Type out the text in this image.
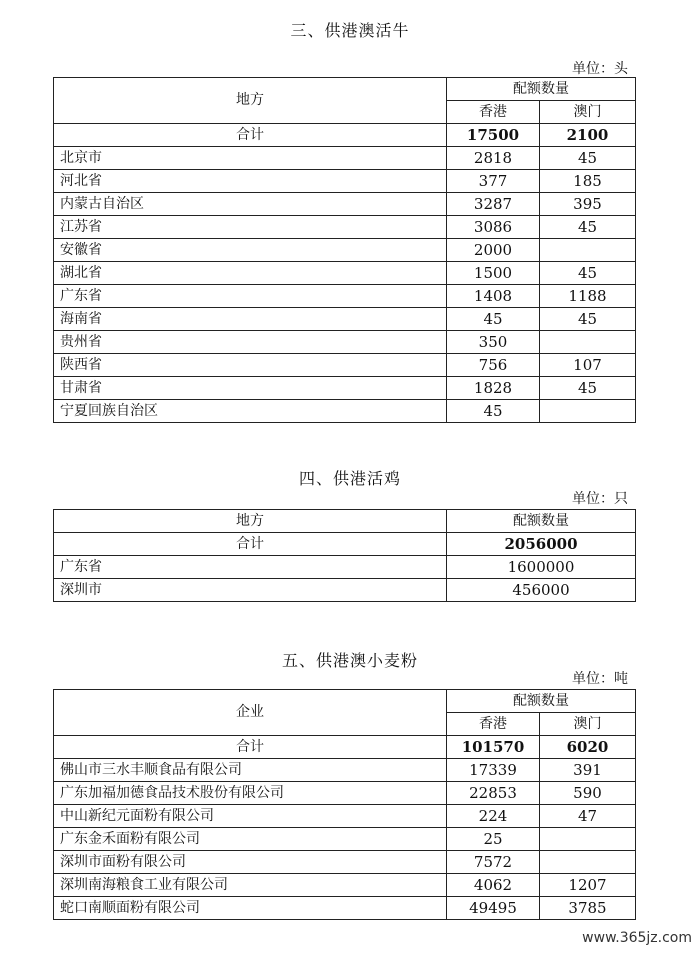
三、供港澳活牛
单位：头
地方	配额数量	
	香港	澳门
合计	17500	2100
北京市	2818	45
河北省	377	185
内蒙古自治区	3287	395
江苏省	3086	45
安徽省	2000	
湖北省	1500	45
广东省	1408	1188
海南省	45	45
贵州省	350	
陕西省	756	107
甘肃省	1828	45
宁夏回族自治区	45	
四、供港活鸡
单位：只
地方	配额数量
合计	2056000
广东省	1600000
深圳市	456000
五、供港澳小麦粉
单位：吨
企业	配额数量	
	香港	澳门
合计	101570	6020
佛山市三水丰顺食品有限公司	17339	391
广东加福加德食品技术股份有限公司	22853	590
中山新纪元面粉有限公司	224	47
广东金禾面粉有限公司	25	
深圳市面粉有限公司	7572	
深圳南海粮食工业有限公司	4062	1207
蛇口南顺面粉有限公司	49495	3785
www.365jz.com
